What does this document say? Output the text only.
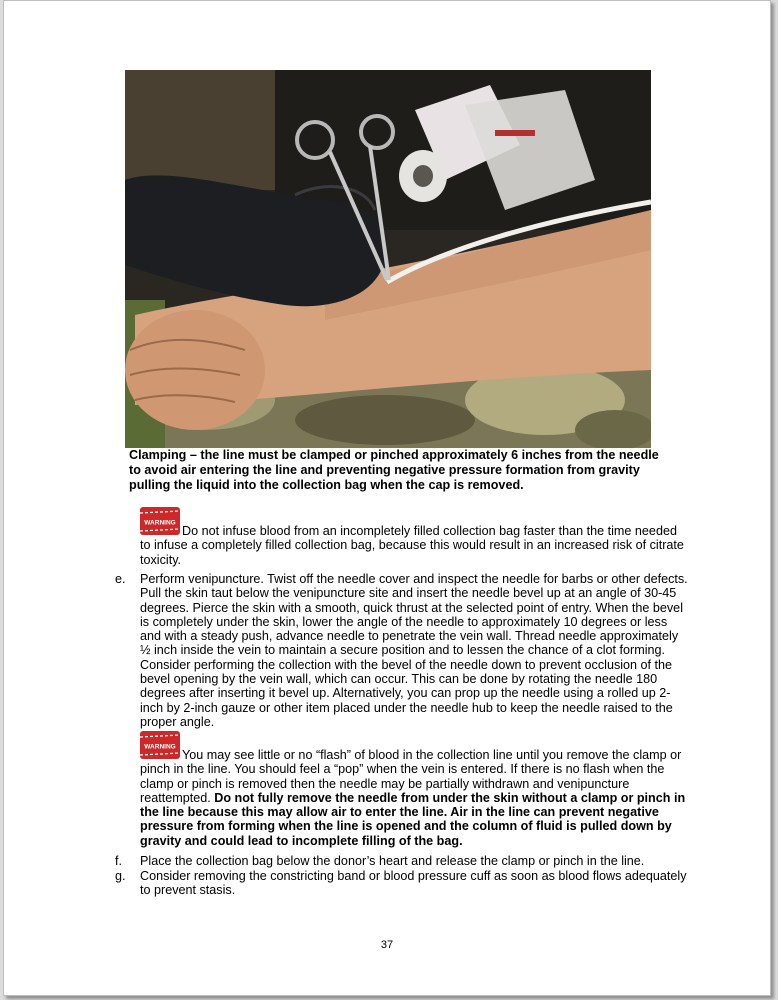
Clamping – the line must be clamped or pinched approximately 6 inches from the needle to avoid air entering the line and preventing negative pressure formation from gravity pulling the liquid into the collection bag when the cap is removed.
WARNING
Do not infuse blood from an incompletely filled collection bag faster than the time needed to infuse a completely filled collection bag, because this would result in an increased risk of citrate toxicity.
e. Perform venipuncture. Twist off the needle cover and inspect the needle for barbs or other defects. Pull the skin taut below the venipuncture site and insert the needle bevel up at an angle of 30-45 degrees. Pierce the skin with a smooth, quick thrust at the selected point of entry. When the bevel is completely under the skin, lower the angle of the needle to approximately 10 degrees or less and with a steady push, advance needle to penetrate the vein wall. Thread needle approximately ½ inch inside the vein to maintain a secure position and to lessen the chance of a clot forming. Consider performing the collection with the bevel of the needle down to prevent occlusion of the bevel opening by the vein wall, which can occur. This can be done by rotating the needle 180 degrees after inserting it bevel up. Alternatively, you can prop up the needle using a rolled up 2-inch by 2-inch gauze or other item placed under the needle hub to keep the needle raised to the proper angle.
WARNING
You may see little or no “flash” of blood in the collection line until you remove the clamp or pinch in the line. You should feel a “pop” when the vein is entered. If there is no flash when the clamp or pinch is removed then the needle may be partially withdrawn and venipuncture reattempted. Do not fully remove the needle from under the skin without a clamp or pinch in the line because this may allow air to enter the line. Air in the line can prevent negative pressure from forming when the line is opened and the column of fluid is pulled down by gravity and could lead to incomplete filling of the bag.
f. Place the collection bag below the donor’s heart and release the clamp or pinch in the line.
g. Consider removing the constricting band or blood pressure cuff as soon as blood flows adequately to prevent stasis.
37
